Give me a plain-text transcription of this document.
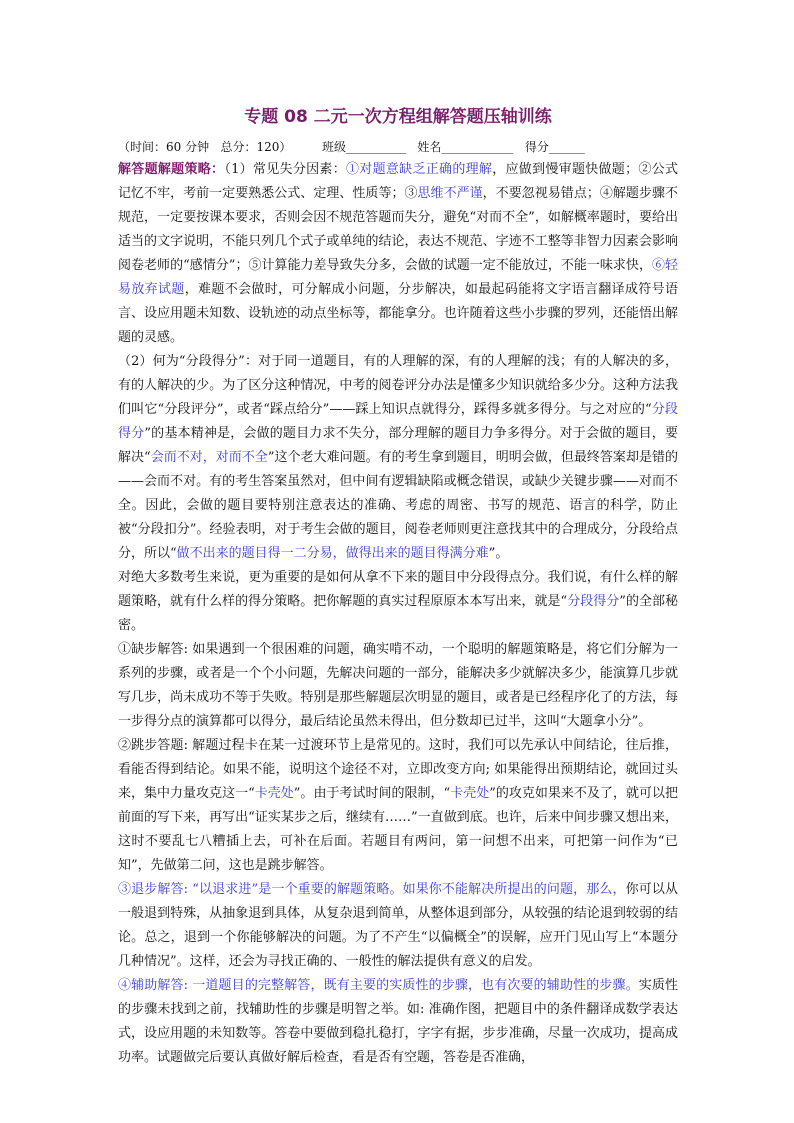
专题 08 二元一次方程组解答题压轴训练
（时间：60 分钟   总分：120）        班级__________   姓名____________   得分______

解答题解题策略：（1）常见失分因素：①对题意缺乏正确的理解，应做到慢审题快做题；②公式记忆不牢，考前一定要熟悉公式、定理、性质等；③思维不严谨，不要忽视易错点；④解题步骤不规范，一定要按课本要求，否则会因不规范答题而失分，避免“对而不全”，如解概率题时，要给出适当的文字说明，不能只列几个式子或单纯的结论，表达不规范、字迹不工整等非智力因素会影响阅卷老师的“感情分”；⑤计算能力差导致失分多，会做的试题一定不能放过，不能一味求快，⑥轻易放弃试题，难题不会做时，可分解成小问题，分步解决，如最起码能将文字语言翻译成符号语言、设应用题未知数、设轨迹的动点坐标等，都能拿分。也许随着这些小步骤的罗列，还能悟出解题的灵感。

（2）何为“分段得分”：对于同一道题目，有的人理解的深，有的人理解的浅；有的人解决的多，有的人解决的少。为了区分这种情况，中考的阅卷评分办法是懂多少知识就给多少分。这种方法我们叫它“分段评分”，或者“踩点给分”——踩上知识点就得分，踩得多就多得分。与之对应的“分段得分”的基本精神是，会做的题目力求不失分，部分理解的题目力争多得分。对于会做的题目，要解决“会而不对，对而不全”这个老大难问题。有的考生拿到题目，明明会做，但最终答案却是错的——会而不对。有的考生答案虽然对，但中间有逻辑缺陷或概念错误，或缺少关键步骤——对而不全。因此，会做的题目要特别注意表达的准确、考虑的周密、书写的规范、语言的科学，防止被“分段扣分”。经验表明，对于考生会做的题目，阅卷老师则更注意找其中的合理成分，分段给点分，所以“做不出来的题目得一二分易，做得出来的题目得满分难”。

对绝大多数考生来说，更为重要的是如何从拿不下来的题目中分段得点分。我们说，有什么样的解题策略，就有什么样的得分策略。把你解题的真实过程原原本本写出来，就是“分段得分”的全部秘密。

①缺步解答: 如果遇到一个很困难的问题，确实啃不动，一个聪明的解题策略是，将它们分解为一系列的步骤，或者是一个个小问题，先解决问题的一部分，能解决多少就解决多少，能演算几步就写几步，尚未成功不等于失败。特别是那些解题层次明显的题目，或者是已经程序化了的方法，每一步得分点的演算都可以得分，最后结论虽然未得出，但分数却已过半，这叫“大题拿小分”。

②跳步答题: 解题过程卡在某一过渡环节上是常见的。这时，我们可以先承认中间结论，往后推，看能否得到结论。如果不能，说明这个途径不对，立即改变方向; 如果能得出预期结论，就回过头来，集中力量攻克这一“卡壳处”。由于考试时间的限制，“卡壳处”的攻克如果来不及了，就可以把前面的写下来，再写出“证实某步之后，继续有……”一直做到底。也许，后来中间步骤又想出来，这时不要乱七八糟插上去，可补在后面。若题目有两问，第一问想不出来，可把第一问作为“已知”，先做第二问，这也是跳步解答。

③退步解答: “以退求进”是一个重要的解题策略。如果你不能解决所提出的问题，那么，你可以从一般退到特殊，从抽象退到具体，从复杂退到简单，从整体退到部分，从较强的结论退到较弱的结论。总之，退到一个你能够解决的问题。为了不产生“以偏概全”的误解，应开门见山写上“本题分几种情况”。这样，还会为寻找正确的、一般性的解法提供有意义的启发。

④辅助解答: 一道题目的完整解答，既有主要的实质性的步骤，也有次要的辅助性的步骤。实质性的步骤未找到之前，找辅助性的步骤是明智之举。如: 准确作图，把题目中的条件翻译成数学表达式，设应用题的未知数等。答卷中要做到稳扎稳打，字字有据，步步准确，尽量一次成功，提高成功率。试题做完后要认真做好解后检查，看是否有空题，答卷是否准确，
